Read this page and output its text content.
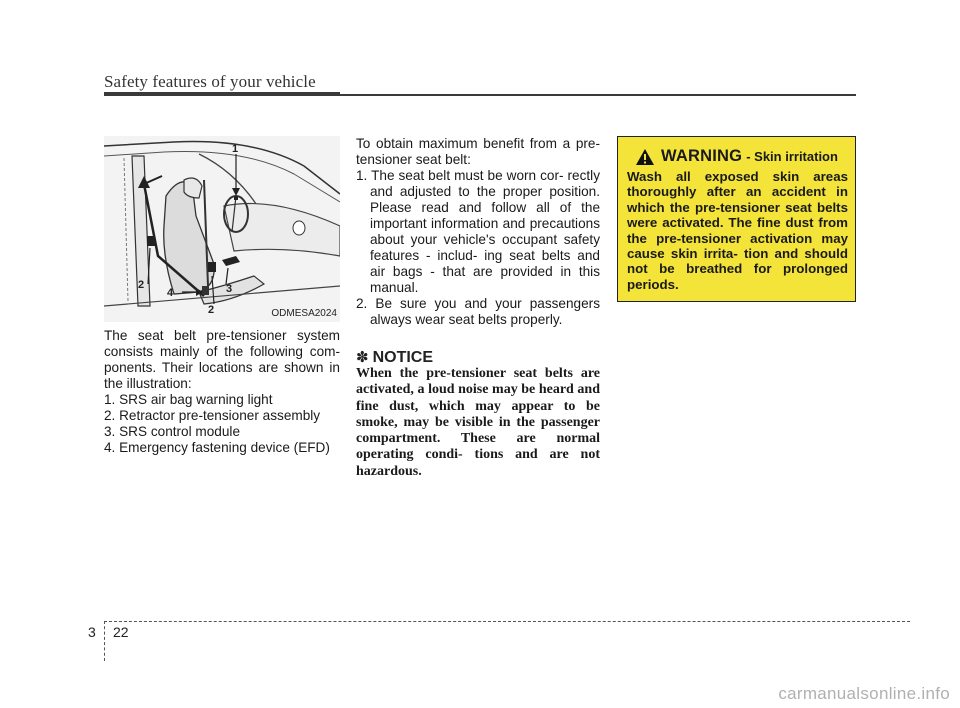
Safety features of your vehicle
1
2
2
3
4
ODMESA2024

The seat belt pre-tensioner system consists mainly of the following com- ponents. Their locations are shown in the illustration:

1. SRS air bag warning light

2. Retractor pre-tensioner assembly

3. SRS control module

4. Emergency fastening device (EFD)

To obtain maximum benefit from a pre-tensioner seat belt:

1. The seat belt must be worn cor- rectly and adjusted to the proper position. Please read and follow all of the important information and precautions about your vehicle's occupant safety features - includ- ing seat belts and air bags - that are provided in this manual.

2. Be sure you and your passengers always wear seat belts properly.

✽ NOTICE

When the pre-tensioner seat belts are activated, a loud noise may be heard and fine dust, which may appear to be smoke, may be visible in the passenger compartment. These are normal operating condi- tions and are not hazardous.

WARNING - Skin irritation
Wash all exposed skin areas thoroughly after an accident in which the pre-tensioner seat belts were activated. The fine dust from the pre-tensioner activation may cause skin irrita- tion and should not be breathed for prolonged periods.
3 22
carmanualsonline.info
